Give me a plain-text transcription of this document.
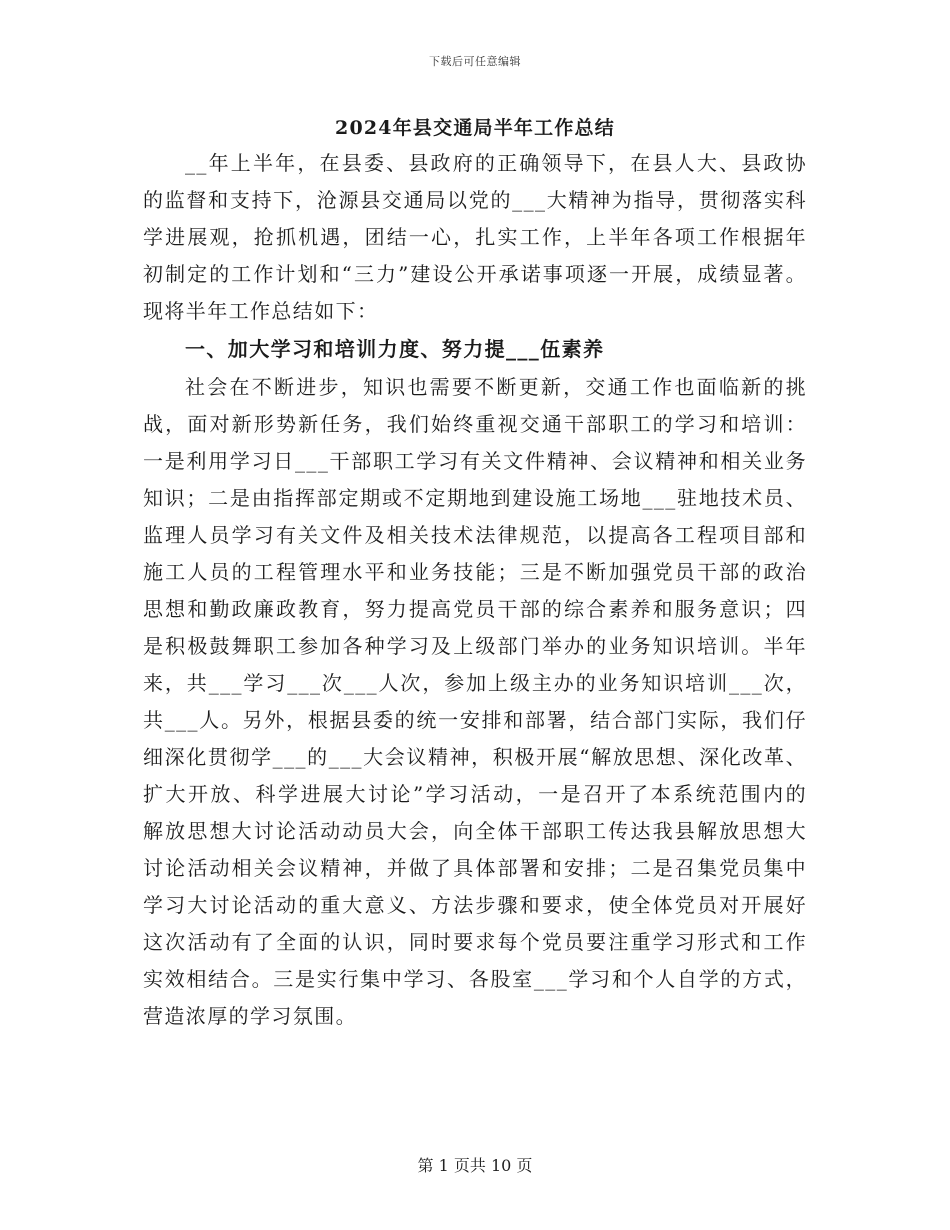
下载后可任意编辑
2024年县交通局半年工作总结
__年上半年，在县委、县政府的正确领导下，在县人大、县政协
的监督和支持下，沧源县交通局以党的___大精神为指导，贯彻落实科
学进展观，抢抓机遇，团结一心，扎实工作，上半年各项工作根据年
初制定的工作计划和“三力”建设公开承诺事项逐一开展，成绩显著。
现将半年工作总结如下：
一、加大学习和培训力度、努力提___伍素养
社会在不断进步，知识也需要不断更新，交通工作也面临新的挑
战，面对新形势新任务，我们始终重视交通干部职工的学习和培训：
一是利用学习日___干部职工学习有关文件精神、会议精神和相关业务
知识；二是由指挥部定期或不定期地到建设施工场地___驻地技术员、
监理人员学习有关文件及相关技术法律规范，以提高各工程项目部和
施工人员的工程管理水平和业务技能；三是不断加强党员干部的政治
思想和勤政廉政教育，努力提高党员干部的综合素养和服务意识；四
是积极鼓舞职工参加各种学习及上级部门举办的业务知识培训。半年
来，共___学习___次___人次，参加上级主办的业务知识培训___次，
共___人。另外，根据县委的统一安排和部署，结合部门实际，我们仔
细深化贯彻学___的___大会议精神，积极开展“解放思想、深化改革、
扩大开放、科学进展大讨论”学习活动，一是召开了本系统范围内的
解放思想大讨论活动动员大会，向全体干部职工传达我县解放思想大
讨论活动相关会议精神，并做了具体部署和安排；二是召集党员集中
学习大讨论活动的重大意义、方法步骤和要求，使全体党员对开展好
这次活动有了全面的认识，同时要求每个党员要注重学习形式和工作
实效相结合。三是实行集中学习、各股室___学习和个人自学的方式，
营造浓厚的学习氛围。
第 1 页共 10 页
